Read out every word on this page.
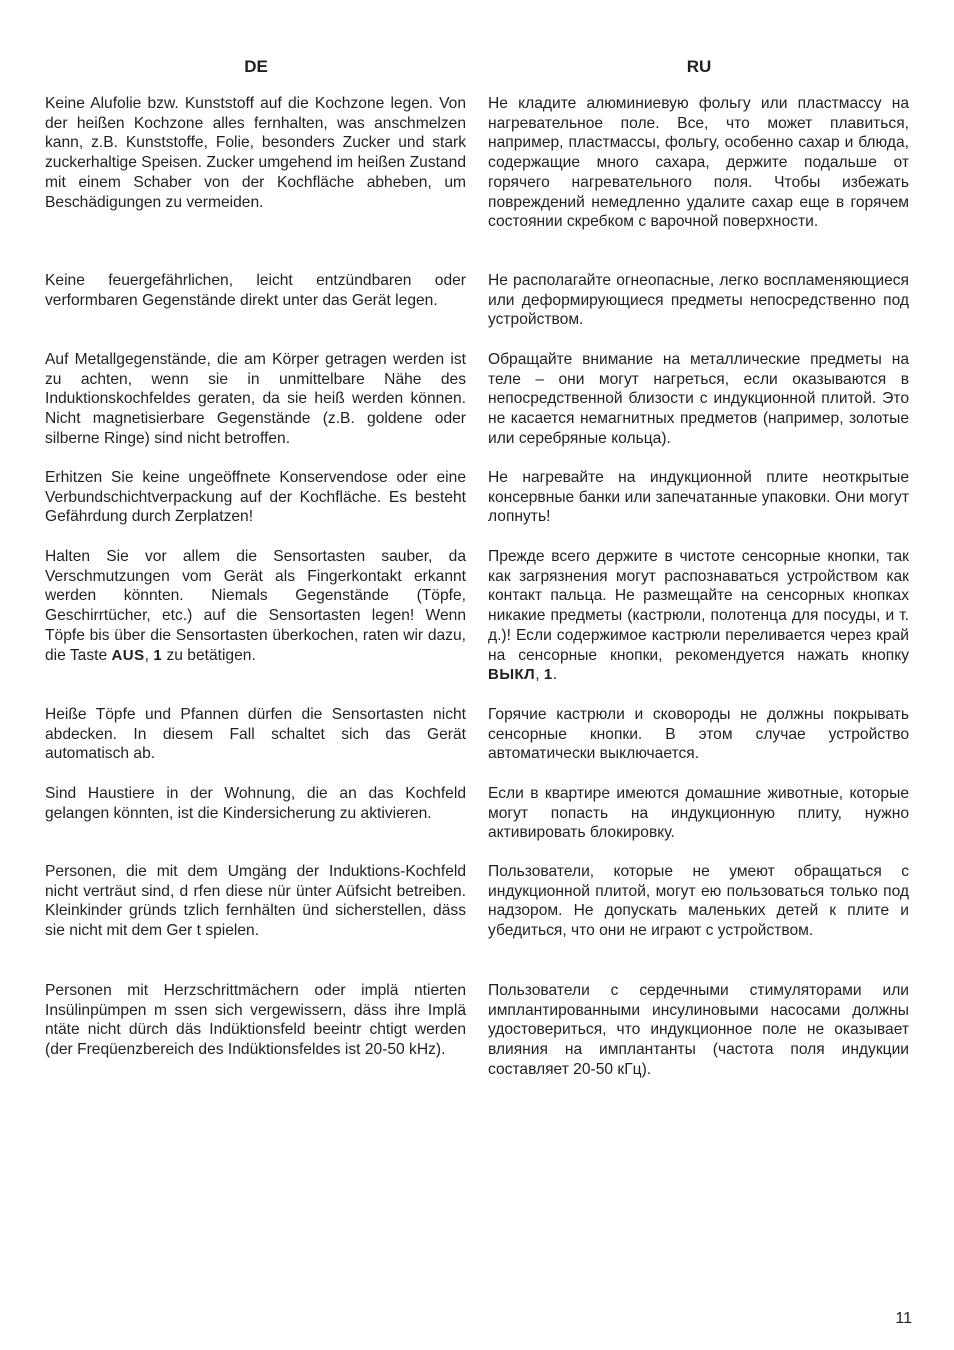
DE	RU

Keine Alufolie bzw. Kunststoff auf die Kochzone legen. Von der heißen Kochzone alles fernhalten, was anschmelzen kann, z.B. Kunststoffe, Folie, besonders Zucker und stark zuckerhaltige Speisen. Zucker umgehend im heißen Zustand mit einem Schaber von der Kochfläche abheben, um Beschädigungen zu vermeiden.

Keine feuergefährlichen, leicht entzündbaren oder verformbaren Gegenstände direkt unter das Gerät legen.

Auf Metallgegenstände, die am Körper getragen werden ist zu achten, wenn sie in unmittelbare Nähe des Induktionskochfeldes geraten, da sie heiß werden können. Nicht magnetisierbare Gegenstände (z.B. goldene oder silberne Ringe) sind nicht betroffen.

Erhitzen Sie keine ungeöffnete Konservendose oder eine Verbundschichtverpackung auf der Kochfläche. Es besteht Gefährdung durch Zerplatzen!

Halten Sie vor allem die Sensortasten sauber, da Verschmutzungen vom Gerät als Fingerkontakt erkannt werden könnten. Niemals Gegenstände (Töpfe, Geschirrtücher, etc.) auf die Sensortasten legen! Wenn Töpfe bis über die Sensortasten überkochen, raten wir dazu, die Taste AUS, 1 zu betätigen.

Heiße Töpfe und Pfannen dürfen die Sensortasten nicht abdecken. In diesem Fall schaltet sich das Gerät automatisch ab.

Sind Haustiere in der Wohnung, die an das Kochfeld gelangen könnten, ist die Kindersicherung zu aktivieren.

Personen, die mit dem Umgäng der Induktions-Kochfeld nicht verträut sind, d rfen diese nür ünter Aüfsicht betreiben. Kleinkinder gründs tzlich fernhälten ünd sicherstellen, däss sie nicht mit dem Ger t spielen.

Personen mit Herzschrittmächern oder implä ntierten Insülinpümpen m ssen sich vergewissern, däss ihre Implä ntäte nicht dürch däs Indüktionsfeld beeintr chtigt werden (der Freqüenzbereich des Indüktionsfeldes ist 20-50 kHz).

Не кладите алюминиевую фольгу или пластмассу на нагревательное поле. Все, что может плавиться, например, пластмассы, фольгу, особенно сахар и блюда, содержащие много сахара, держите подальше от горячего нагревательного поля. Чтобы избежать повреждений немедленно удалите сахар еще в горячем состоянии скребком с варочной поверхности.

Не располагайте огнеопасные, легко воспламеняющиеся или деформирующиеся предметы непосредственно под устройством.

Обращайте внимание на металлические предметы на теле – они могут нагреться, если оказываются в непосредственной близости с индукционной плитой. Это не касается немагнитных предметов (например, золотые или серебряные кольца).

Не нагревайте на индукционной плите неоткрытые консервные банки или запечатанные упаковки. Они могут лопнуть!

Прежде всего держите в чистоте сенсорные кнопки, так как загрязнения могут распознаваться устройством как контакт пальца. Не размещайте на сенсорных кнопках никакие предметы (кастрюли, полотенца для посуды, и т. д.)! Если содержимое кастрюли переливается через край на сенсорные кнопки, рекомендуется нажать кнопку ВЫКЛ, 1.

Горячие кастрюли и сковороды не должны покрывать сенсорные кнопки. В этом случае устройство автоматически выключается.

Если в квартире имеются домашние животные, которые могут попасть на индукционную плиту, нужно активировать блокировку.

Пользователи, которые не умеют обращаться с индукционной плитой, могут ею пользоваться только под надзором. Не допускать маленьких детей к плите и убедиться, что они не играют с устройством.

Пользователи с сердечными стимуляторами или имплантированными инсулиновыми насосами должны удостовериться, что индукционное поле не оказывает влияния на имплантанты (частота поля индукции составляет 20-50 кГц).

11
